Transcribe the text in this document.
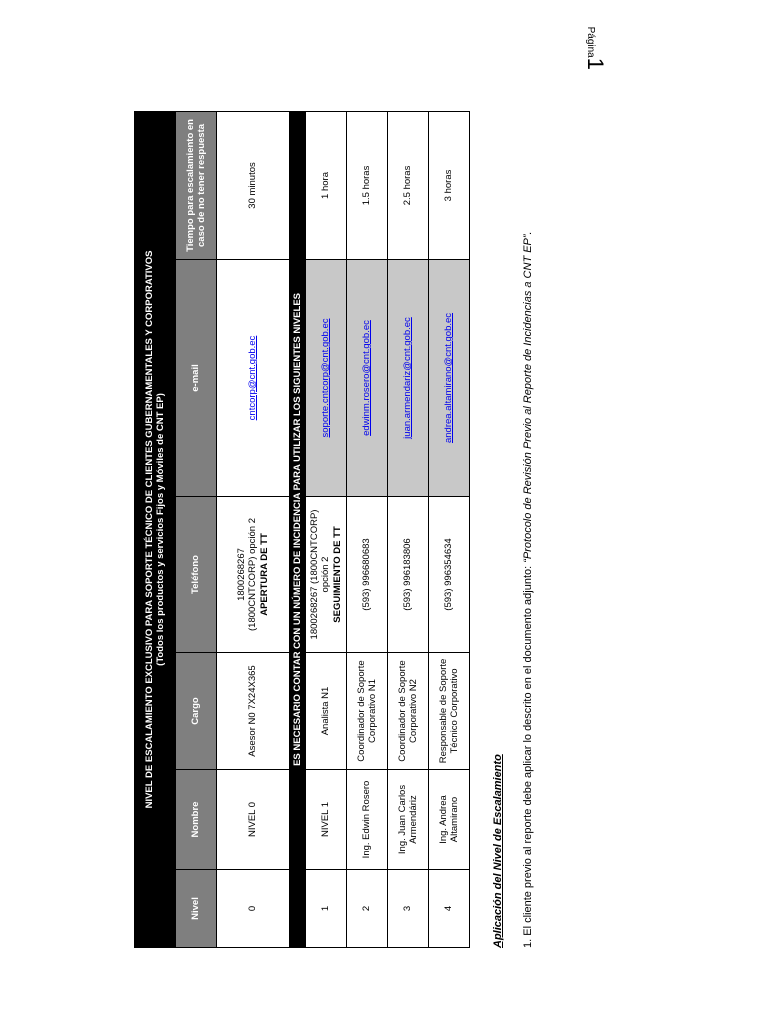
NIVEL DE ESCALAMIENTO EXCLUSIVO PARA SOPORTE TÉCNICO DE CLIENTES GUBERNAMENTALES Y CORPORATIVOS (Todos los productos y servicios Fijos y Móviles de CNT EP)					

Nivel	Nombre	Cargo	Teléfono	e-mail	Tiempo para escalamiento en caso de no tener respuesta
0	NIVEL 0	Asesor N0 7X24X365	1800268267 (1800CNTCORP) opción 2 APERTURA DE TT	cntcorp@cnt.gob.ec	30 minutos
ES NECESARIO CONTAR CON UN NÚMERO DE INCIDENCIA PARA UTILIZAR LOS SIGUIENTES NIVELES					
1	NIVEL 1	Analista N1	1800268267 (1800CNTCORP) opción 2 SEGUIMIENTO DE TT	soporte.cntcorp@cnt.gob.ec	1 hora
2	Ing. Edwin Rosero	Coordinador de Soporte Corporativo N1	(593) 996680683	edwinm.rosero@cnt.gob.ec	1.5 horas
3	Ing. Juan Carlos Armendáriz	Coordinador de Soporte Corporativo N2	(593) 996183806	juan.armendariz@cnt.gob.ec	2.5 horas
4	Ing. Andrea Altamirano	Responsable de Soporte Técnico Corporativo	(593) 996354634	andrea.altamirano@cnt.gob.ec	3 horas
Aplicación del Nivel de Escalamiento 1. El cliente previo al reporte debe aplicar lo descrito en el documento adjunto: “Protocolo de Revisión Previo al Reporte de Incidencias a CNT EP”.
Página1
